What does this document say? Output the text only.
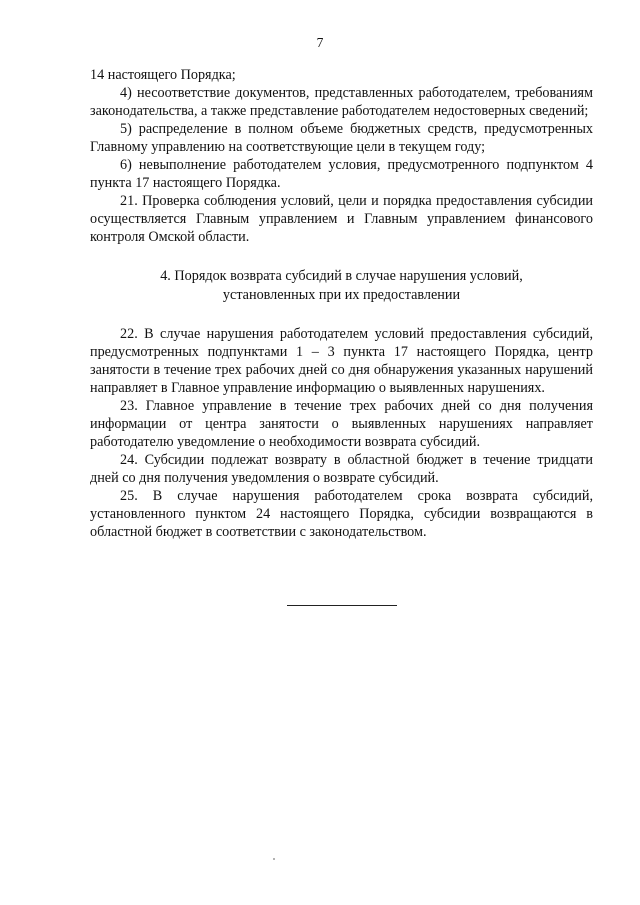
7

14 настоящего Порядка;

4) несоответствие документов, представленных работодателем, требованиям законодательства, а также представление работодателем недостоверных сведений;

5) распределение в полном объеме бюджетных средств, предусмотренных Главному управлению на соответствующие цели в текущем году;

6) невыполнение работодателем условия, предусмотренного подпунктом 4 пункта 17 настоящего Порядка.

21. Проверка соблюдения условий, цели и порядка предоставления субсидии осуществляется Главным управлением и Главным управлением финансового контроля Омской области.

4. Порядок возврата субсидий в случае нарушения условий,
установленных при их предоставлении

22. В случае нарушения работодателем условий предоставления субсидий, предусмотренных подпунктами 1 – 3 пункта 17 настоящего Порядка, центр занятости в течение трех рабочих дней со дня обнаружения указанных нарушений направляет в Главное управление информацию о выявленных нарушениях.

23. Главное управление в течение трех рабочих дней со дня получения информации от центра занятости о выявленных нарушениях направляет работодателю уведомление о необходимости возврата субсидий.

24. Субсидии подлежат возврату в областной бюджет в течение тридцати дней со дня получения уведомления о возврате субсидий.

25. В случае нарушения работодателем срока возврата субсидий, установленного пунктом 24 настоящего Порядка, субсидии возвращаются в областной бюджет в соответствии с законодательством.
